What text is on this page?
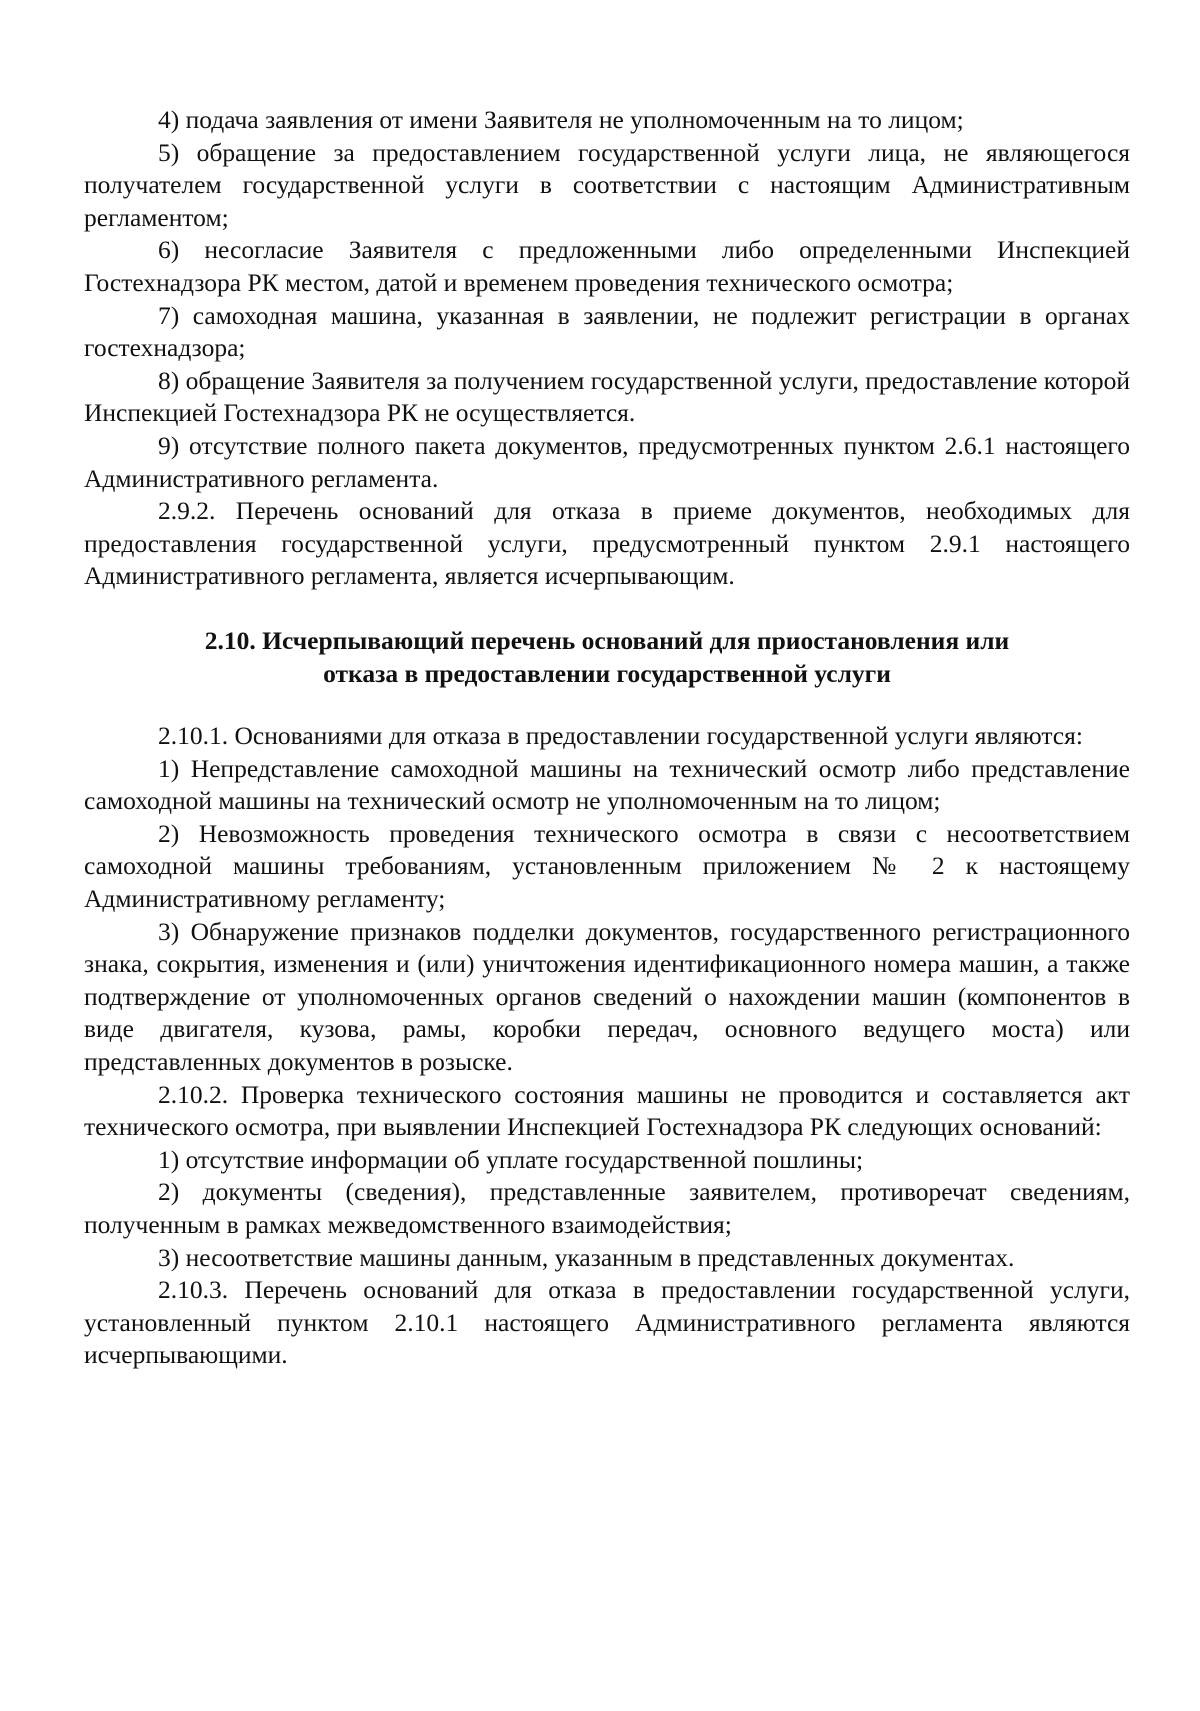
4) подача заявления от имени Заявителя не уполномоченным на то лицом;

5) обращение за предоставлением государственной услуги лица, не являющегося получателем государственной услуги в соответствии с настоящим Административным регламентом;

6) несогласие Заявителя с предложенными либо определенными Инспекцией Гостехнадзора РК местом, датой и временем проведения технического осмотра;

7) самоходная машина, указанная в заявлении, не подлежит регистрации в органах гостехнадзора;

8) обращение Заявителя за получением государственной услуги, предоставление которой Инспекцией Гостехнадзора РК не осуществляется.

9) отсутствие полного пакета документов, предусмотренных пунктом 2.6.1 настоящего Административного регламента.

2.9.2. Перечень оснований для отказа в приеме документов, необходимых для предоставления государственной услуги, предусмотренный пунктом 2.9.1 настоящего Административного регламента, является исчерпывающим.

2.10. Исчерпывающий перечень оснований для приостановления или
отказа в предоставлении государственной услуги

2.10.1. Основаниями для отказа в предоставлении государственной услуги являются:

1) Непредставление самоходной машины на технический осмотр либо представление самоходной машины на технический осмотр не уполномоченным на то лицом;

2) Невозможность проведения технического осмотра в связи с несоответствием самоходной машины требованиям, установленным приложением № 2 к настоящему Административному регламенту;

3) Обнаружение признаков подделки документов, государственного регистрационного знака, сокрытия, изменения и (или) уничтожения идентификационного номера машин, а также подтверждение от уполномоченных органов сведений о нахождении машин (компонентов в виде двигателя, кузова, рамы, коробки передач, основного ведущего моста) или представленных документов в розыске.

2.10.2. Проверка технического состояния машины не проводится и составляется акт технического осмотра, при выявлении Инспекцией Гостехнадзора РК следующих оснований:

1) отсутствие информации об уплате государственной пошлины;

2) документы (сведения), представленные заявителем, противоречат сведениям, полученным в рамках межведомственного взаимодействия;

3) несоответствие машины данным, указанным в представленных документах.

2.10.3. Перечень оснований для отказа в предоставлении государственной услуги, установленный пунктом 2.10.1 настоящего Административного регламента являются исчерпывающими.
